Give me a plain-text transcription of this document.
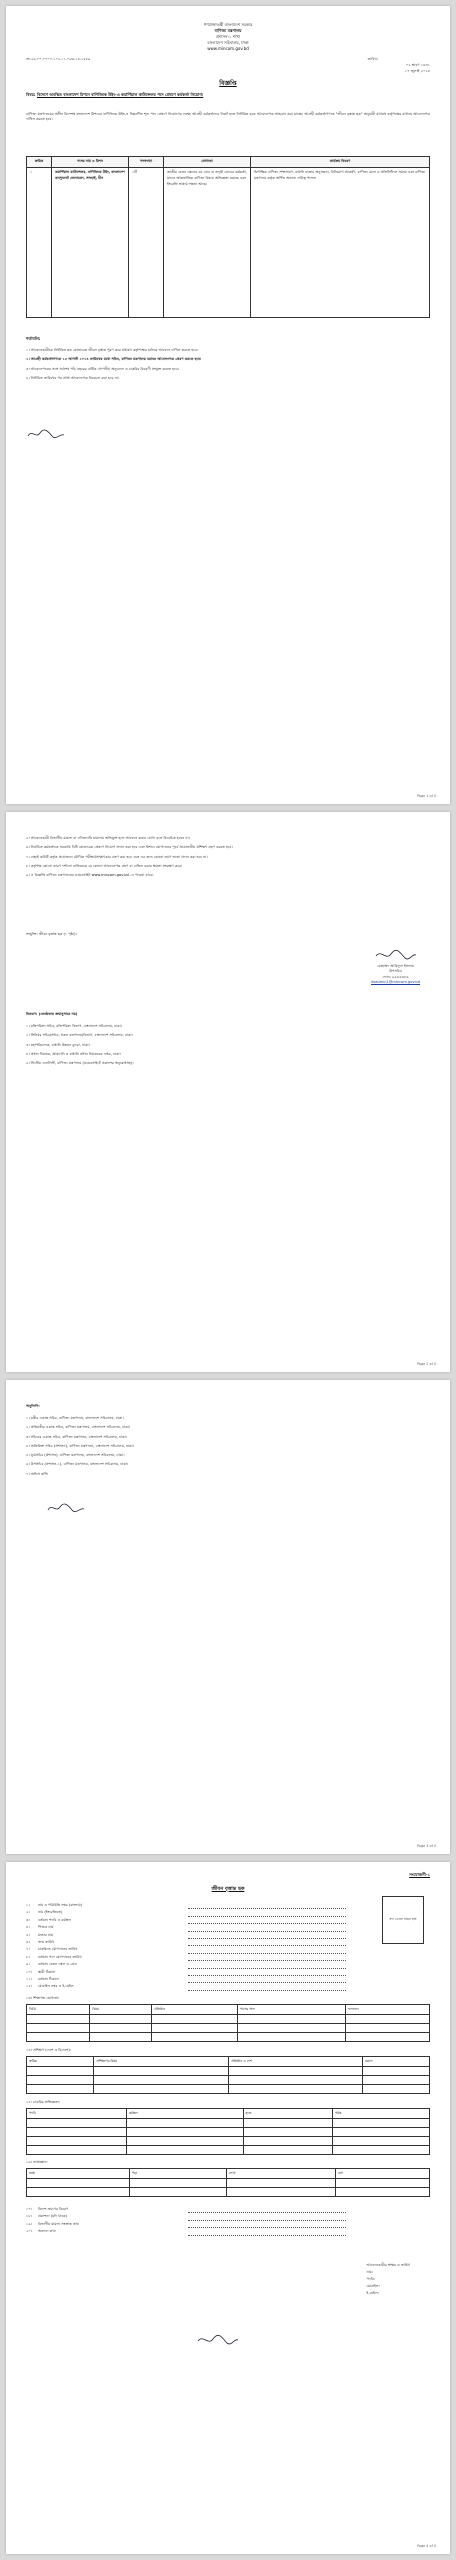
গণপ্রজাতন্ত্রী বাংলাদেশ সরকার
বাণিজ্য মন্ত্রণালয়
প্রশাসন-১ শাখা
বাংলাদেশ সচিবালয়, ঢাকা
www.mincom.gov.bd
নং-২৬.০০.০০০০.১০২.১১.০৬৬.১৪.১৫৮৯	তারিখ:
০২ শ্রাবণ ১৪৩১
১৭ জুলাই ২০২৪
বিজ্ঞপ্তি
বিষয়: বিদেশে অবস্থিত বাংলাদেশ মিশনে বাণিজ্যিক উইং-এ কমার্শিয়াল কাউন্সেলর পদে প্রেষণে কর্মকর্তা নিয়োগ।
বাণিজ্য মন্ত্রণালয়ের অধীন বিদেশস্থ বাংলাদেশ মিশনের বাণিজ্যিক উইং-এ নিম্নবর্ণিত শূন্য পদে প্রেষণে নিয়োগের লক্ষ্যে আগ্রহী কর্মকর্তাদের নিকট হতে নির্ধারিত ছকে আবেদনপত্র আহবান করা যাচ্ছে। আগ্রহী কর্মকর্তাগণকে "জীবন বৃত্তান্ত ছক" অনুযায়ী যথাযথ কর্তৃপক্ষের মাধ্যমে আবেদনপত্র দাখিল করতে হবে।
ক্রমিক	পদের নাম ও মিশন	পদসংখ্যা	যোগ্যতা	কার্যক্রম বিবরণ
১	কমার্শিয়াল কাউন্সেলর, বাণিজ্যিক উইং, বাংলাদেশ কনস্যুলেট জেনারেল, সাংহাই, চীন	১টি	জাতীয় বেতন স্কেলের ৫ম গ্রেড বা তদূর্ধ্ব গ্রেডের কর্মকর্তা, যাদের আন্তর্জাতিক বাণিজ্য বিষয়ে অভিজ্ঞতা রয়েছে এবং ইংরেজি ভাষায় দক্ষতা আছে।	দ্বিপাক্ষিক বাণিজ্য সম্প্রসারণ, রপ্তানি বাজার অনুসন্ধান, বিনিয়োগ আকর্ষণ, বাণিজ্য মেলা ও প্রতিনিধিদল সমন্বয় এবং বাণিজ্য মন্ত্রণালয় কর্তৃক অর্পিত অন্যান্য দায়িত্ব পালন।
শর্তাবলি:

১। আবেদনকারীকে নির্ধারিত ছক মোতাবেক জীবন বৃত্তান্ত পূরণ করে যথাযথ কর্তৃপক্ষের মাধ্যমে আবেদন দাখিল করতে হবে।

২। আগ্রহী কর্মকর্তাগণকে ২৫ আগস্ট ২০২৪ তারিখের মধ্যে সচিব, বাণিজ্য মন্ত্রণালয় বরাবর আবেদনপত্র প্রেরণ করতে হবে।

৩। আবেদনপত্রের সঙ্গে সর্বশেষ পাঁচ বছরের বার্ষিক গোপনীয় অনুবেদন ও চাকরির বিবরণী সংযুক্ত করতে হবে।

৪। নির্ধারিত তারিখের পর প্রাপ্ত আবেদনপত্র বিবেচনা করা হবে না।

Page 1 of 4
৫। আবেদনকারী বিভাগীয় মামলা বা ফৌজদারি মামলায় অভিযুক্ত হলে আবেদন করার যোগ্য বলে বিবেচিত হবেন না।
৬। নির্বাচিত কর্মকর্তাকে সরকারি বিধি মোতাবেক প্রেষণে নিয়োগ প্রদান করা হবে এবং মিশনে যোগদানের পূর্বে প্রয়োজনীয় প্রশিক্ষণ গ্রহণ করতে হবে।
৭। বাছাই কমিটি কর্তৃক প্রয়োজনে মৌখিক পরীক্ষা/সাক্ষাৎকার গ্রহণ করা হবে এবং এর জন্য কোনো ভ্রমণ ভাতা প্রদান করা হবে না।
৮। কর্তৃপক্ষ কোনো কারণ দর্শানো ব্যতিরেকে যে কোনো আবেদনপত্র গ্রহণ বা বাতিল করার ক্ষমতা সংরক্ষণ করে।
৯। এ বিজ্ঞপ্তি বাণিজ্য মন্ত্রণালয়ের ওয়েবসাইট www.mincom.gov.bd -এ পাওয়া যাবে।
সংযুক্তি: জীবন বৃত্তান্ত ছক (১ পৃষ্ঠা)।
মোহাম্মদ আরিফুল ইসলাম
উপসচিব
ফোন: ৯৫৪৫৩৮৬
dsadmin1@mincom.gov.bd
বিতরণ: (জ্যেষ্ঠতার ক্রমানুসারে নয়)
১। মন্ত্রিপরিষদ সচিব, মন্ত্রিপরিষদ বিভাগ, বাংলাদেশ সচিবালয়, ঢাকা।
২। সিনিয়র সচিব/সচিব, সকল মন্ত্রণালয়/বিভাগ, বাংলাদেশ সচিবালয়, ঢাকা।
৩। মহাপরিচালক, রপ্তানি উন্নয়ন ব্যুরো, ঢাকা।
৪। প্রধান নিয়ন্ত্রক, আমদানি ও রপ্তানি প্রধান নিয়ন্ত্রকের দপ্তর, ঢাকা।
৫। সিস্টেম এনালিস্ট, বাণিজ্য মন্ত্রণালয় (ওয়েবসাইটে প্রকাশের অনুরোধসহ)।
Page 2 of 4
অনুলিপি:
১। মন্ত্রীর একান্ত সচিব, বাণিজ্য মন্ত্রণালয়, বাংলাদেশ সচিবালয়, ঢাকা।
২। প্রতিমন্ত্রীর একান্ত সচিব, বাণিজ্য মন্ত্রণালয়, বাংলাদেশ সচিবালয়, ঢাকা।
৩। সচিবের একান্ত সচিব, বাণিজ্য মন্ত্রণালয়, বাংলাদেশ সচিবালয়, ঢাকা।
৪। অতিরিক্ত সচিব (প্রশাসন), বাণিজ্য মন্ত্রণালয়, বাংলাদেশ সচিবালয়, ঢাকা।
৫। যুগ্মসচিব (প্রশাসন), বাণিজ্য মন্ত্রণালয়, বাংলাদেশ সচিবালয়, ঢাকা।
৬। উপসচিব (প্রশাসন-১), বাণিজ্য মন্ত্রণালয়, বাংলাদেশ সচিবালয়, ঢাকা।
৭। অফিস কপি।
Page 3 of 4
সংযোজনী-১
জীবন বৃত্তান্ত ছক
সদ্য তোলা রঙিন ছবি
১।	নাম ও পরিচিতি নম্বর (বাংলায়)
২।	নাম (ইংরেজিতে)
৩।	বর্তমান পদবি ও কর্মস্থল
৪।	পিতার নাম
৫।	মাতার নাম
৬।	জন্ম তারিখ
৭।	চাকরিতে যোগদানের তারিখ
৮।	বর্তমান পদে যোগদানের তারিখ
৯।	বর্তমান বেতন স্কেল ও গ্রেড
১০।	স্থায়ী ঠিকানা
১১।	বর্তমান ঠিকানা
১২।	মোবাইল নম্বর ও ই-মেইল
১৩। শিক্ষাগত যোগ্যতা:
ডিগ্রি	বিষয়	প্রতিষ্ঠান	পাসের সাল	ফলাফল

১৪। প্রশিক্ষণ (দেশে ও বিদেশে):
ক্রমিক	প্রশিক্ষণের বিষয়	প্রতিষ্ঠান ও দেশ	মেয়াদ

১৫। চাকরির অভিজ্ঞতা:
পদবি	কর্মস্থল	হতে	পর্যন্ত

১৬। ভাষাজ্ঞান:
ভাষা	পড়া	লেখা	বলা

১৭।	বিদেশ ভ্রমণের বিবরণ
১৮।	প্রকাশনা (যদি থাকে)
১৯।	বিভাগীয় মামলা সংক্রান্ত তথ্য
২০।	অন্যান্য তথ্য
আবেদনকারীর স্বাক্ষর ও তারিখ
নাম:
পদবি:
মোবাইল:
ই-মেইল:
Page 4 of 4
